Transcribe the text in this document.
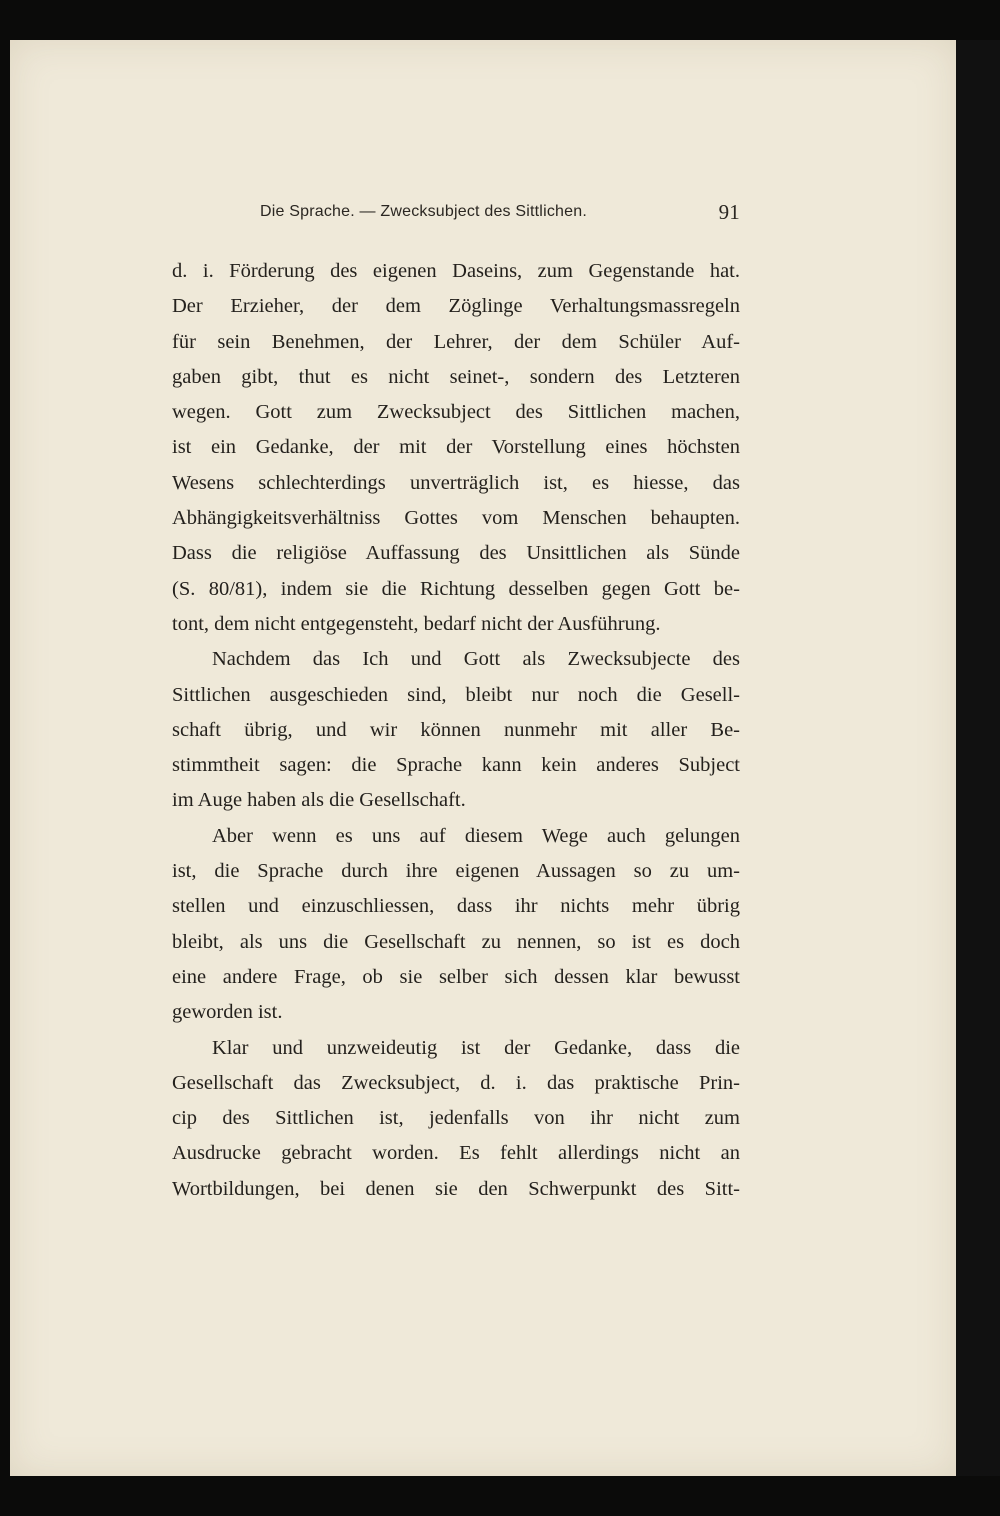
Die Sprache. — Zwecksubject des Sittlichen.	91
d. i. Förderung des eigenen Daseins, zum Gegenstande hat.
Der Erzieher, der dem Zöglinge Verhaltungsmassregeln
für sein Benehmen, der Lehrer, der dem Schüler Auf-
gaben gibt, thut es nicht seinet-, sondern des Letzteren
wegen. Gott zum Zwecksubject des Sittlichen machen,
ist ein Gedanke, der mit der Vorstellung eines höchsten
Wesens schlechterdings unverträglich ist, es hiesse, das
Abhängigkeitsverhältniss Gottes vom Menschen behaupten.
Dass die religiöse Auffassung des Unsittlichen als Sünde
(S. 80/81), indem sie die Richtung desselben gegen Gott be-
tont, dem nicht entgegensteht, bedarf nicht der Ausführung.
Nachdem das Ich und Gott als Zwecksubjecte des
Sittlichen ausgeschieden sind, bleibt nur noch die Gesell-
schaft übrig, und wir können nunmehr mit aller Be-
stimmtheit sagen: die Sprache kann kein anderes Subject
im Auge haben als die Gesellschaft.
Aber wenn es uns auf diesem Wege auch gelungen
ist, die Sprache durch ihre eigenen Aussagen so zu um-
stellen und einzuschliessen, dass ihr nichts mehr übrig
bleibt, als uns die Gesellschaft zu nennen, so ist es doch
eine andere Frage, ob sie selber sich dessen klar bewusst
geworden ist.
Klar und unzweideutig ist der Gedanke, dass die
Gesellschaft das Zwecksubject, d. i. das praktische Prin-
cip des Sittlichen ist, jedenfalls von ihr nicht zum
Ausdrucke gebracht worden. Es fehlt allerdings nicht an
Wortbildungen, bei denen sie den Schwerpunkt des Sitt-
